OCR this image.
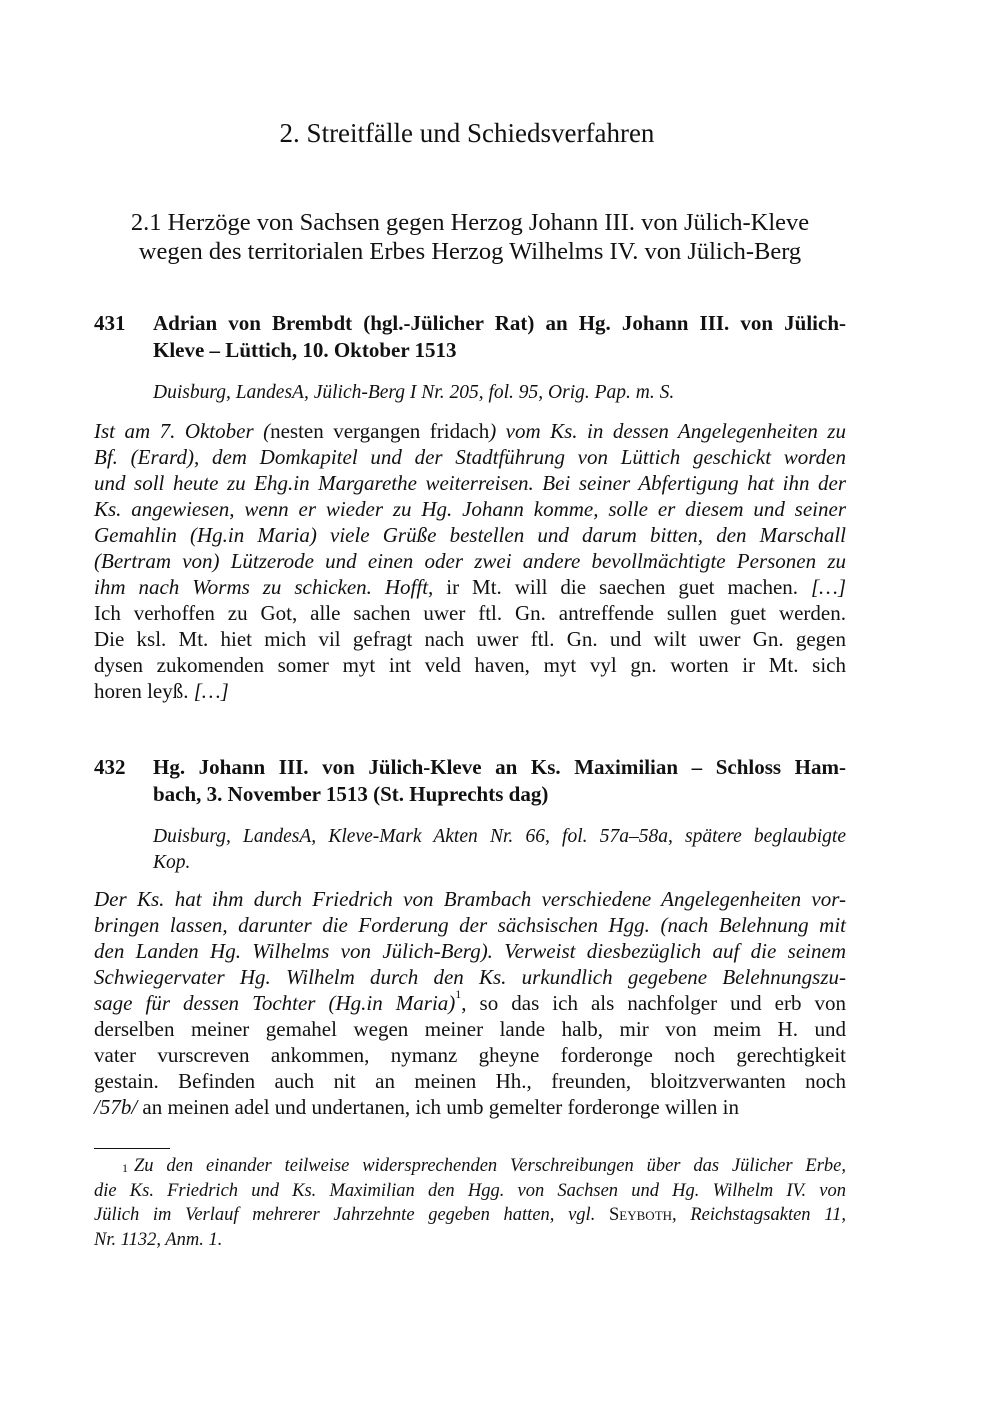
2. Streitfälle und Schiedsverfahren
2.1 Herzöge von Sachsen gegen Herzog Johann III. von Jülich-Kleve
wegen des territorialen Erbes Herzog Wilhelms IV. von Jülich-Berg
431 Adrian von Brembdt (hgl.-Jülicher Rat) an Hg. Johann III. von Jülich-
Kleve – Lüttich, 10. Oktober 1513
Duisburg, LandesA, Jülich-Berg I Nr. 205, fol. 95, Orig. Pap. m. S.
Ist am 7. Oktober (nesten vergangen fridach) vom Ks. in dessen Angelegenheiten zu
Bf. (Erard), dem Domkapitel und der Stadtführung von Lüttich geschickt worden
und soll heute zu Ehg.in Margarethe weiterreisen. Bei seiner Abfertigung hat ihn der
Ks. angewiesen, wenn er wieder zu Hg. Johann komme, solle er diesem und seiner
Gemahlin (Hg.in Maria) viele Grüße bestellen und darum bitten, den Marschall
(Bertram von) Lützerode und einen oder zwei andere bevollmächtigte Personen zu
ihm nach Worms zu schicken. Hofft, ir Mt. will die saechen guet machen. […]
Ich verhoffen zu Got, alle sachen uwer ftl. Gn. antreffende sullen guet werden.
Die ksl. Mt. hiet mich vil gefragt nach uwer ftl. Gn. und wilt uwer Gn. gegen
dysen zukomenden somer myt int veld haven, myt vyl gn. worten ir Mt. sich
horen leyß. […]
432 Hg. Johann III. von Jülich-Kleve an Ks. Maximilian – Schloss Ham-
bach, 3. November 1513 (St. Huprechts dag)
Duisburg, LandesA, Kleve-Mark Akten Nr. 66, fol. 57a–58a, spätere beglaubigte
Kop.
Der Ks. hat ihm durch Friedrich von Brambach verschiedene Angelegenheiten vor-
bringen lassen, darunter die Forderung der sächsischen Hgg. (nach Belehnung mit
den Landen Hg. Wilhelms von Jülich-Berg). Verweist diesbezüglich auf die seinem
Schwiegervater Hg. Wilhelm durch den Ks. urkundlich gegebene Belehnungszu-
sage für dessen Tochter (Hg.in Maria)$^1$, so das ich als nachfolger und erb von
derselben meiner gemahel wegen meiner lande halb, mir von meim H. und
vater vurscreven ankommen, nymanz gheyne forderonge noch gerechtigkeit
gestain. Befinden auch nit an meinen Hh., freunden, bloitzverwanten noch
/57b/ an meinen adel und undertanen, ich umb gemelter forderonge willen in
$^1$ Zu den einander teilweise widersprechenden Verschreibungen über das Jülicher Erbe,
die Ks. Friedrich und Ks. Maximilian den Hgg. von Sachsen und Hg. Wilhelm IV. von
Jülich im Verlauf mehrerer Jahrzehnte gegeben hatten, vgl. Seyboth, Reichstagsakten 11,
Nr. 1132, Anm. 1.
